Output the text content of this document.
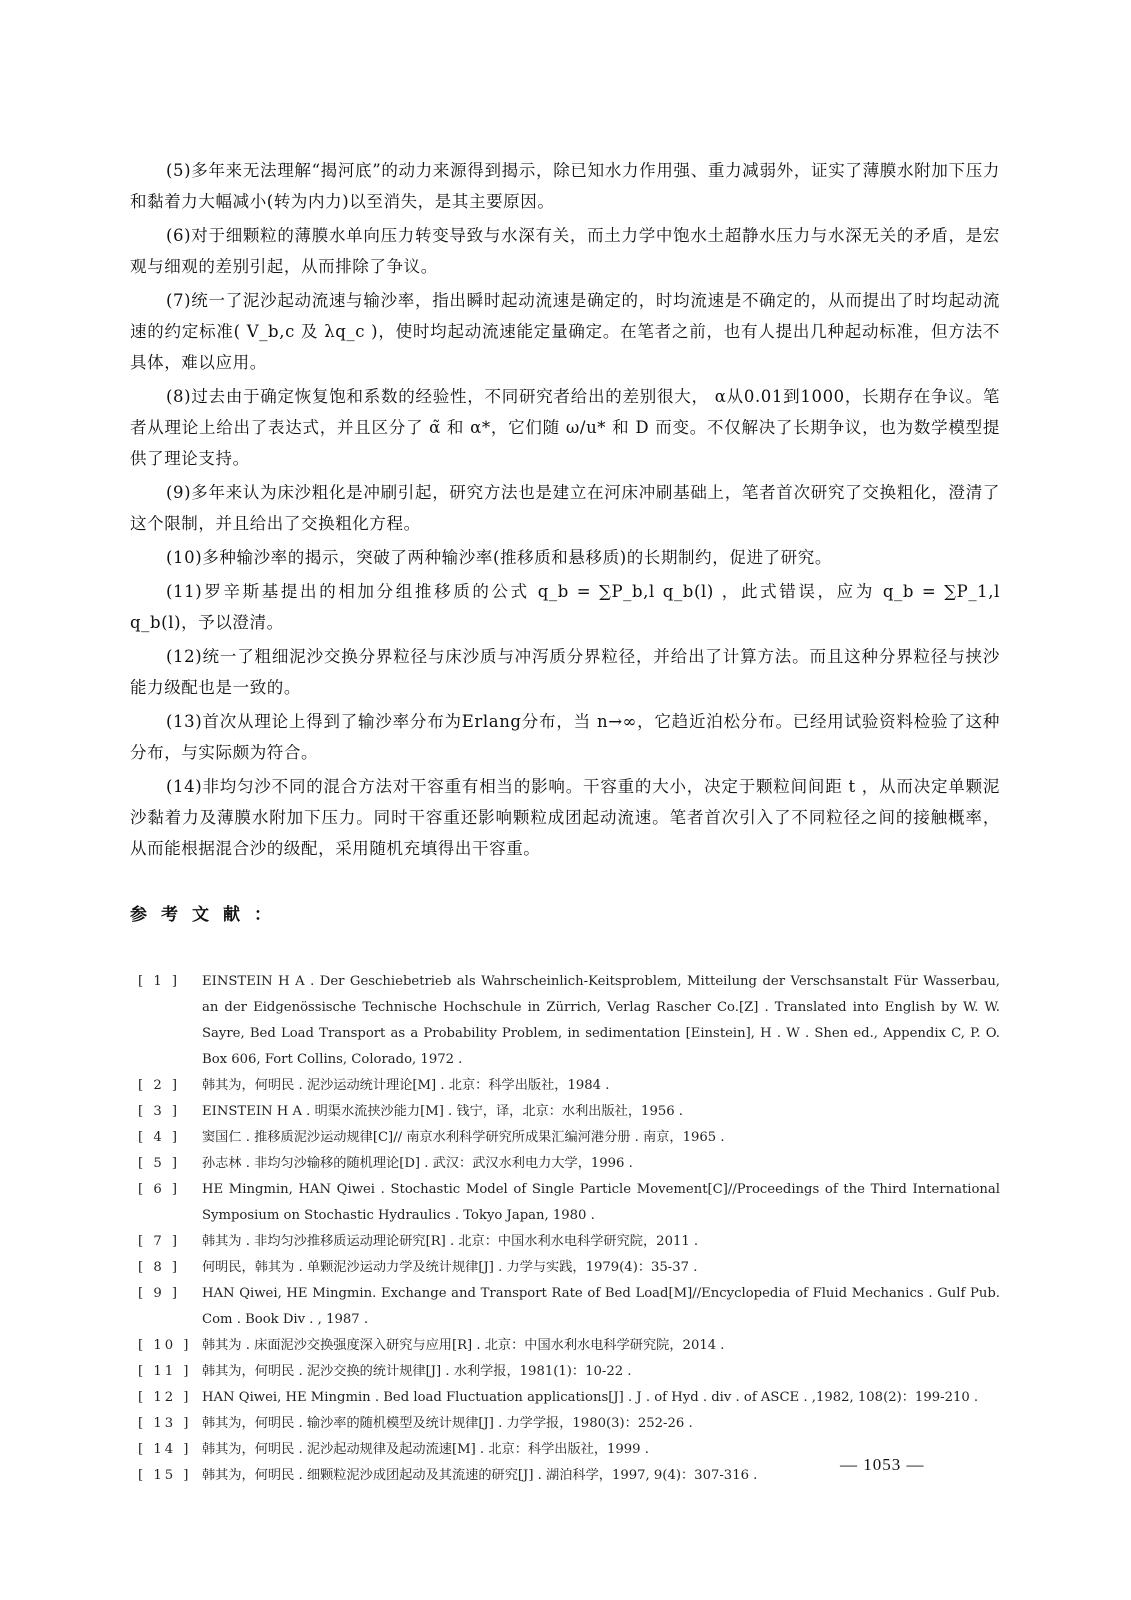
(5)多年来无法理解“揭河底”的动力来源得到揭示，除已知水力作用强、重力减弱外，证实了薄膜水附加下压力和黏着力大幅减小(转为内力)以至消失，是其主要原因。

(6)对于细颗粒的薄膜水单向压力转变导致与水深有关，而土力学中饱水土超静水压力与水深无关的矛盾，是宏观与细观的差别引起，从而排除了争议。

(7)统一了泥沙起动流速与输沙率，指出瞬时起动流速是确定的，时均流速是不确定的，从而提出了时均起动流速的约定标准( V_b,c 及 λq_c )，使时均起动流速能定量确定。在笔者之前，也有人提出几种起动标准，但方法不具体，难以应用。

(8)过去由于确定恢复饱和系数的经验性，不同研究者给出的差别很大， α从0.01到1000，长期存在争议。笔者从理论上给出了表达式，并且区分了 α̃ 和 α*，它们随 ω/u* 和 D 而变。不仅解决了长期争议，也为数学模型提供了理论支持。

(9)多年来认为床沙粗化是冲刷引起，研究方法也是建立在河床冲刷基础上，笔者首次研究了交换粗化，澄清了这个限制，并且给出了交换粗化方程。

(10)多种输沙率的揭示，突破了两种输沙率(推移质和悬移质)的长期制约，促进了研究。

(11)罗辛斯基提出的相加分组推移质的公式 q_b = ∑P_b,l q_b(l) ，此式错误，应为 q_b = ∑P_1,l q_b(l)，予以澄清。

(12)统一了粗细泥沙交换分界粒径与床沙质与冲泻质分界粒径，并给出了计算方法。而且这种分界粒径与挟沙能力级配也是一致的。

(13)首次从理论上得到了输沙率分布为Erlang分布，当 n→∞，它趋近泊松分布。已经用试验资料检验了这种分布，与实际颇为符合。

(14)非均匀沙不同的混合方法对干容重有相当的影响。干容重的大小，决定于颗粒间间距 t ，从而决定单颗泥沙黏着力及薄膜水附加下压力。同时干容重还影响颗粒成团起动流速。笔者首次引入了不同粒径之间的接触概率，从而能根据混合沙的级配，采用随机充填得出干容重。

参考文献：
[ 1 ]	EINSTEIN H A . Der Geschiebetrieb als Wahrscheinlich-Keitsproblem, Mitteilung der Verschsanstalt Für Wasserbau, an der Eidgenössische Technische Hochschule in Zürrich, Verlag Rascher Co.[Z] . Translated into English by W. W. Sayre, Bed Load Transport as a Probability Problem, in sedimentation [Einstein], H . W . Shen ed., Appendix C, P. O. Box 606, Fort Collins, Colorado, 1972 .
[ 2 ]	韩其为，何明民 . 泥沙运动统计理论[M] . 北京：科学出版社，1984 .
[ 3 ]	EINSTEIN H A . 明渠水流挟沙能力[M] . 钱宁，译，北京：水利出版社，1956 .
[ 4 ]	窦国仁 . 推移质泥沙运动规律[C]// 南京水利科学研究所成果汇编河港分册 . 南京，1965 .
[ 5 ]	孙志林 . 非均匀沙输移的随机理论[D] . 武汉：武汉水利电力大学，1996 .
[ 6 ]	HE Mingmin, HAN Qiwei . Stochastic Model of Single Particle Movement[C]//Proceedings of the Third International Symposium on Stochastic Hydraulics . Tokyo Japan, 1980 .
[ 7 ]	韩其为 . 非均匀沙推移质运动理论研究[R] . 北京：中国水利水电科学研究院，2011 .
[ 8 ]	何明民，韩其为 . 单颗泥沙运动力学及统计规律[J] . 力学与实践，1979(4)：35-37 .
[ 9 ]	HAN Qiwei, HE Mingmin. Exchange and Transport Rate of Bed Load[M]//Encyclopedia of Fluid Mechanics . Gulf Pub. Com . Book Div . , 1987 .
[ 10 ] 韩其为 . 床面泥沙交换强度深入研究与应用[R] . 北京：中国水利水电科学研究院，2014 .
[ 11 ] 韩其为，何明民 . 泥沙交换的统计规律[J] . 水利学报，1981(1)：10-22 .
[ 12 ] HAN Qiwei, HE Mingmin . Bed load Fluctuation applications[J] . J . of Hyd . div . of ASCE . ,1982, 108(2)：199-210 .
[ 13 ] 韩其为，何明民 . 输沙率的随机模型及统计规律[J] . 力学学报，1980(3)：252-26 .
[ 14 ] 韩其为，何明民 . 泥沙起动规律及起动流速[M] . 北京：科学出版社，1999 .
[ 15 ] 韩其为，何明民 . 细颗粒泥沙成团起动及其流速的研究[J] . 湖泊科学，1997, 9(4)：307-316 .
— 1053 —
